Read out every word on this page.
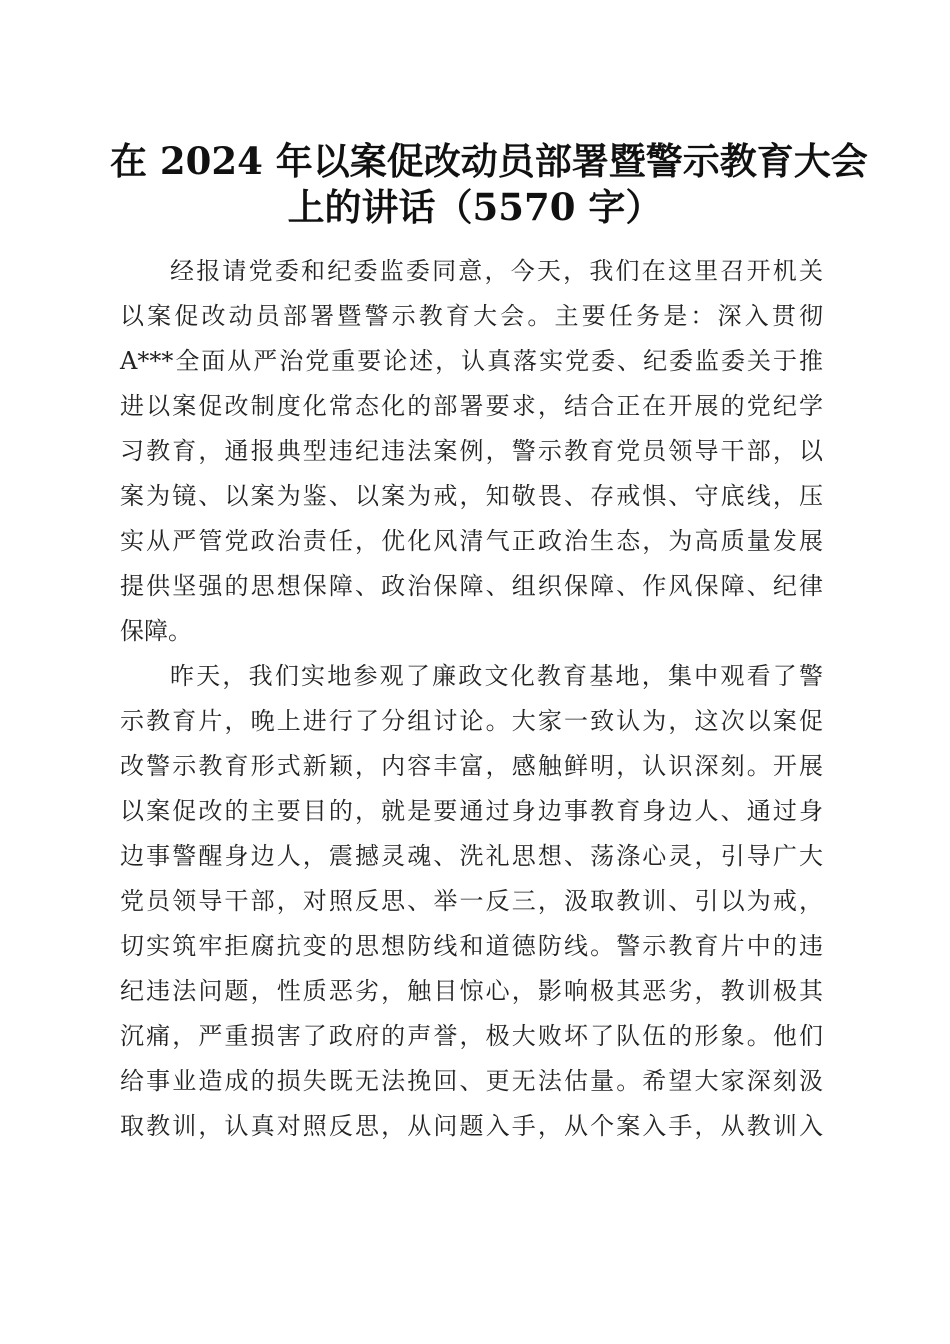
在 2024 年以案促改动员部署暨警示教育大会
上的讲话（5570 字）
经报请党委和纪委监委同意，今天，我们在这里召开机关
以案促改动员部署暨警示教育大会。主要任务是：深入贯彻
A***全面从严治党重要论述，认真落实党委、纪委监委关于推
进以案促改制度化常态化的部署要求，结合正在开展的党纪学
习教育，通报典型违纪违法案例，警示教育党员领导干部，以
案为镜、以案为鉴、以案为戒，知敬畏、存戒惧、守底线，压
实从严管党政治责任，优化风清气正政治生态，为高质量发展
提供坚强的思想保障、政治保障、组织保障、作风保障、纪律
保障。
昨天，我们实地参观了廉政文化教育基地，集中观看了警
示教育片，晚上进行了分组讨论。大家一致认为，这次以案促
改警示教育形式新颖，内容丰富，感触鲜明，认识深刻。开展
以案促改的主要目的，就是要通过身边事教育身边人、通过身
边事警醒身边人，震撼灵魂、洗礼思想、荡涤心灵，引导广大
党员领导干部，对照反思、举一反三，汲取教训、引以为戒，
切实筑牢拒腐抗变的思想防线和道德防线。警示教育片中的违
纪违法问题，性质恶劣，触目惊心，影响极其恶劣，教训极其
沉痛，严重损害了政府的声誉，极大败坏了队伍的形象。他们
给事业造成的损失既无法挽回、更无法估量。希望大家深刻汲
取教训，认真对照反思，从问题入手，从个案入手，从教训入
